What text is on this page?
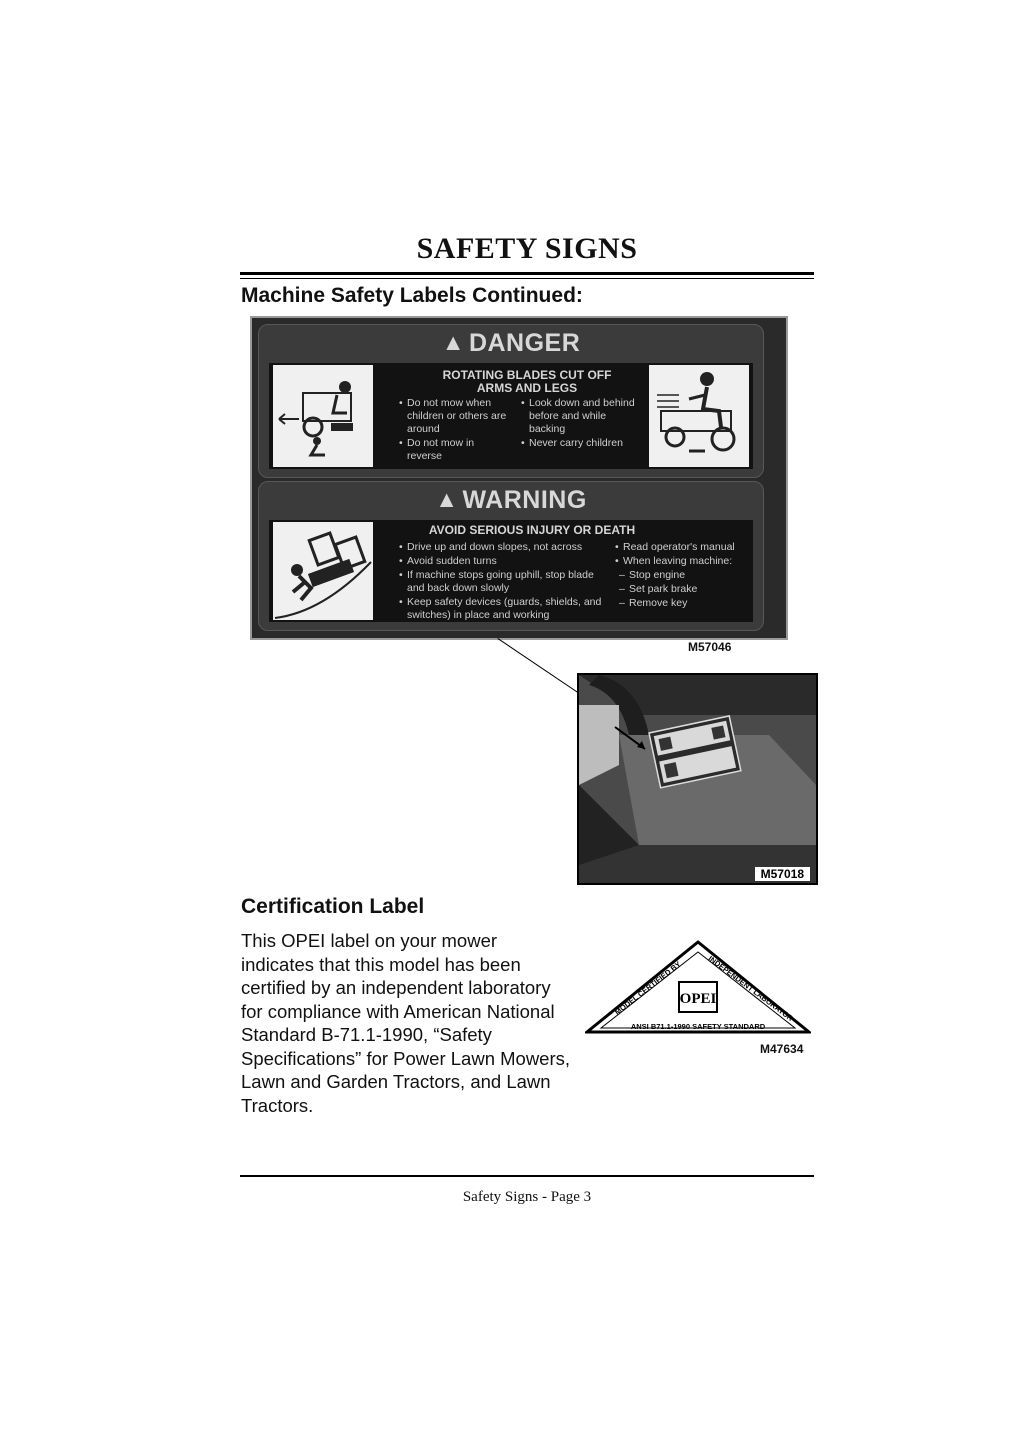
SAFETY SIGNS
Machine Safety Labels Continued:
▲ DANGER
ROTATING BLADES CUT OFF
ARMS AND LEGS
• Do not mow when children or others are around
• Do not mow in reverse
• Look down and behind before and while backing
• Never carry children
▲ WARNING
AVOID SERIOUS INJURY OR DEATH
• Drive up and down slopes, not across
• Avoid sudden turns
• If machine stops going uphill, stop blade and back down slowly
• Keep safety devices (guards, shields, and switches) in place and working
• Read operator's manual
• When leaving machine:
– Stop engine
– Set park brake
– Remove key
M57046
M57018
Certification Label
This OPEI label on your mower indicates that this model has been certified by an independent laboratory for compliance with American National Standard B-71.1-1990, “Safety Specifications” for Power Lawn Mowers, Lawn and Garden Tractors, and Lawn Tractors.
MODEL CERTIFIED BY
INDEPENDENT LABORATOR
OPEI
ANSI B71.1-1990 SAFETY STANDARD
M47634
Safety Signs - Page 3
